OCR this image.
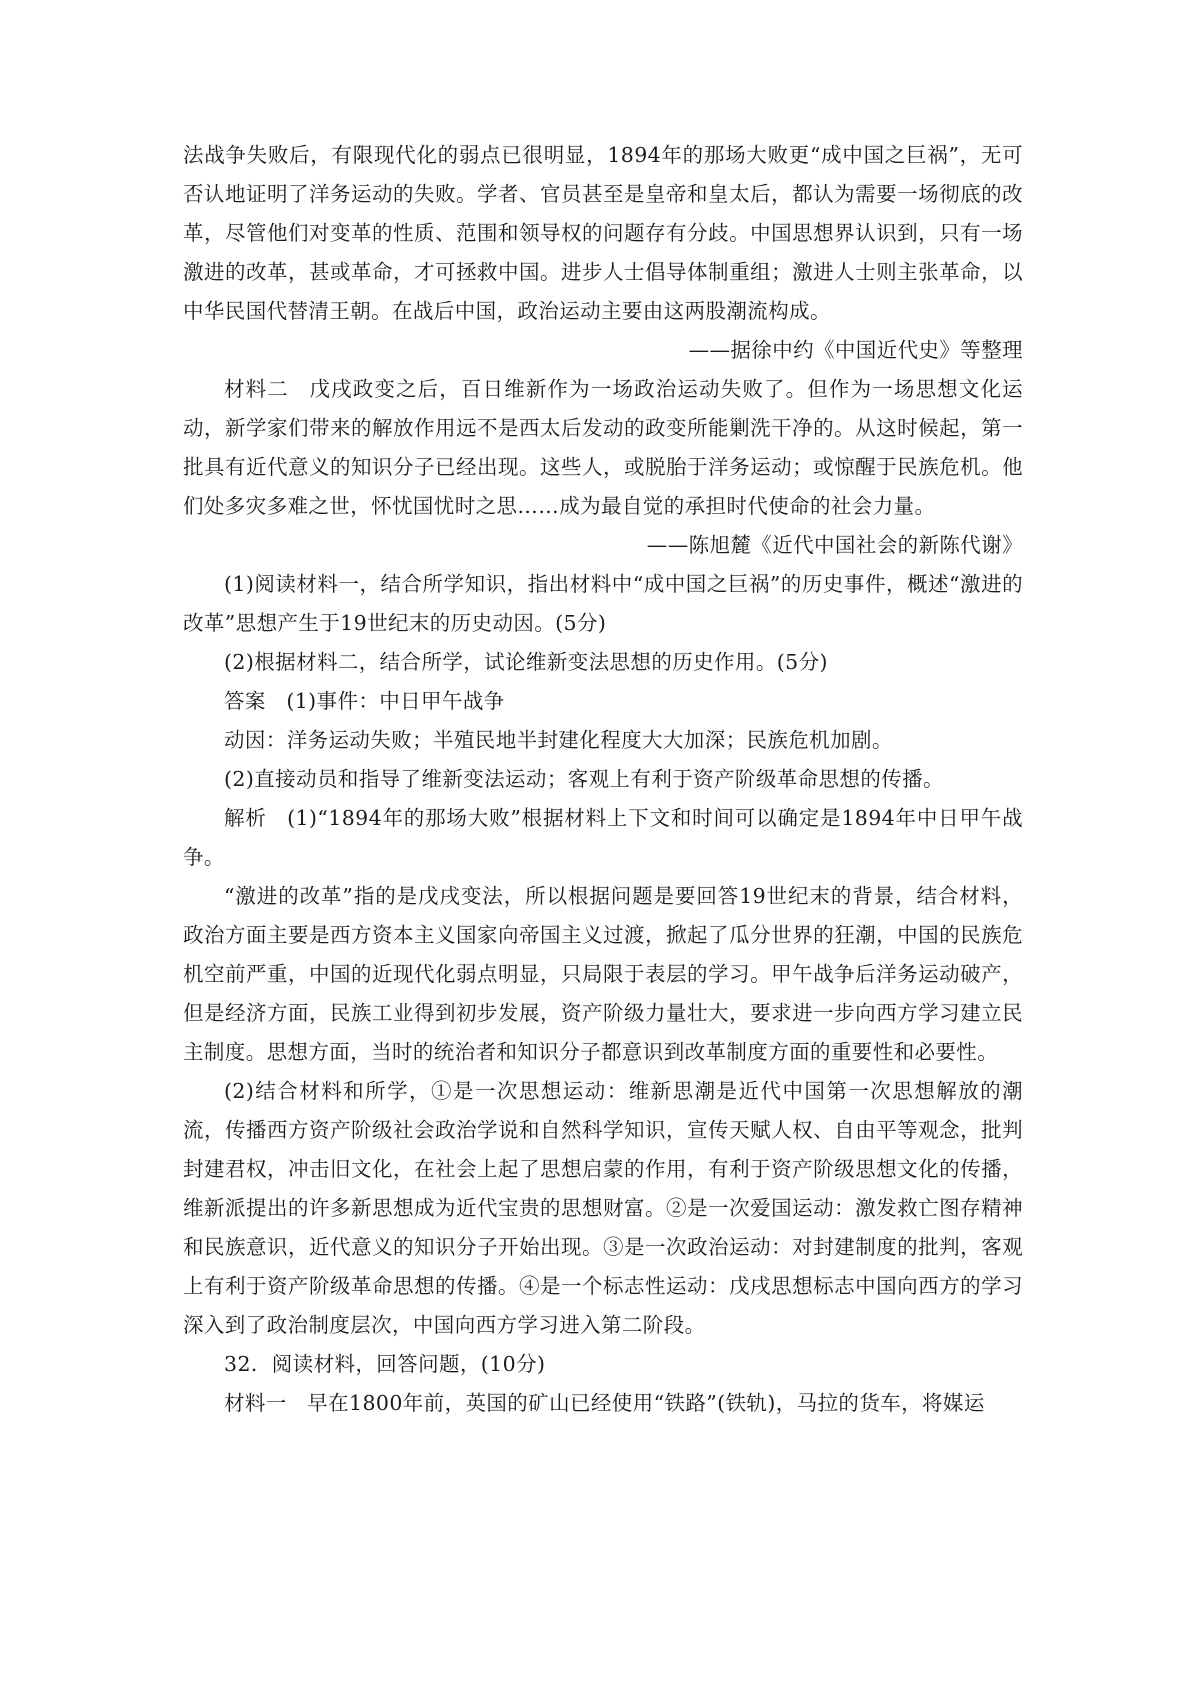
法战争失败后，有限现代化的弱点已很明显，1894年的那场大败更“成中国之巨祸”，无可否认地证明了洋务运动的失败。学者、官员甚至是皇帝和皇太后，都认为需要一场彻底的改革，尽管他们对变革的性质、范围和领导权的问题存有分歧。中国思想界认识到，只有一场激进的改革，甚或革命，才可拯救中国。进步人士倡导体制重组；激进人士则主张革命，以中华民国代替清王朝。在战后中国，政治运动主要由这两股潮流构成。

——据徐中约《中国近代史》等整理

材料二 戊戌政变之后，百日维新作为一场政治运动失败了。但作为一场思想文化运动，新学家们带来的解放作用远不是西太后发动的政变所能剿洗干净的。从这时候起，第一批具有近代意义的知识分子已经出现。这些人，或脱胎于洋务运动；或惊醒于民族危机。他们处多灾多难之世，怀忧国忧时之思……成为最自觉的承担时代使命的社会力量。

——陈旭麓《近代中国社会的新陈代谢》

(1)阅读材料一，结合所学知识，指出材料中“成中国之巨祸”的历史事件，概述“激进的改革”思想产生于19世纪末的历史动因。(5分)

(2)根据材料二，结合所学，试论维新变法思想的历史作用。(5分)

答案 (1)事件：中日甲午战争

动因：洋务运动失败；半殖民地半封建化程度大大加深；民族危机加剧。

(2)直接动员和指导了维新变法运动；客观上有利于资产阶级革命思想的传播。

解析 (1)“1894年的那场大败”根据材料上下文和时间可以确定是1894年中日甲午战争。

“激进的改革”指的是戊戌变法，所以根据问题是要回答19世纪末的背景，结合材料，政治方面主要是西方资本主义国家向帝国主义过渡，掀起了瓜分世界的狂潮，中国的民族危机空前严重，中国的近现代化弱点明显，只局限于表层的学习。甲午战争后洋务运动破产，但是经济方面，民族工业得到初步发展，资产阶级力量壮大，要求进一步向西方学习建立民主制度。思想方面，当时的统治者和知识分子都意识到改革制度方面的重要性和必要性。

(2)结合材料和所学，①是一次思想运动：维新思潮是近代中国第一次思想解放的潮流，传播西方资产阶级社会政治学说和自然科学知识，宣传天赋人权、自由平等观念，批判封建君权，冲击旧文化，在社会上起了思想启蒙的作用，有利于资产阶级思想文化的传播，维新派提出的许多新思想成为近代宝贵的思想财富。②是一次爱国运动：激发救亡图存精神和民族意识，近代意义的知识分子开始出现。③是一次政治运动：对封建制度的批判，客观上有利于资产阶级革命思想的传播。④是一个标志性运动：戊戌思想标志中国向西方的学习深入到了政治制度层次，中国向西方学习进入第二阶段。

32．阅读材料，回答问题，(10分)

材料一 早在1800年前，英国的矿山已经使用“铁路”(铁轨)，马拉的货车，将媒运
